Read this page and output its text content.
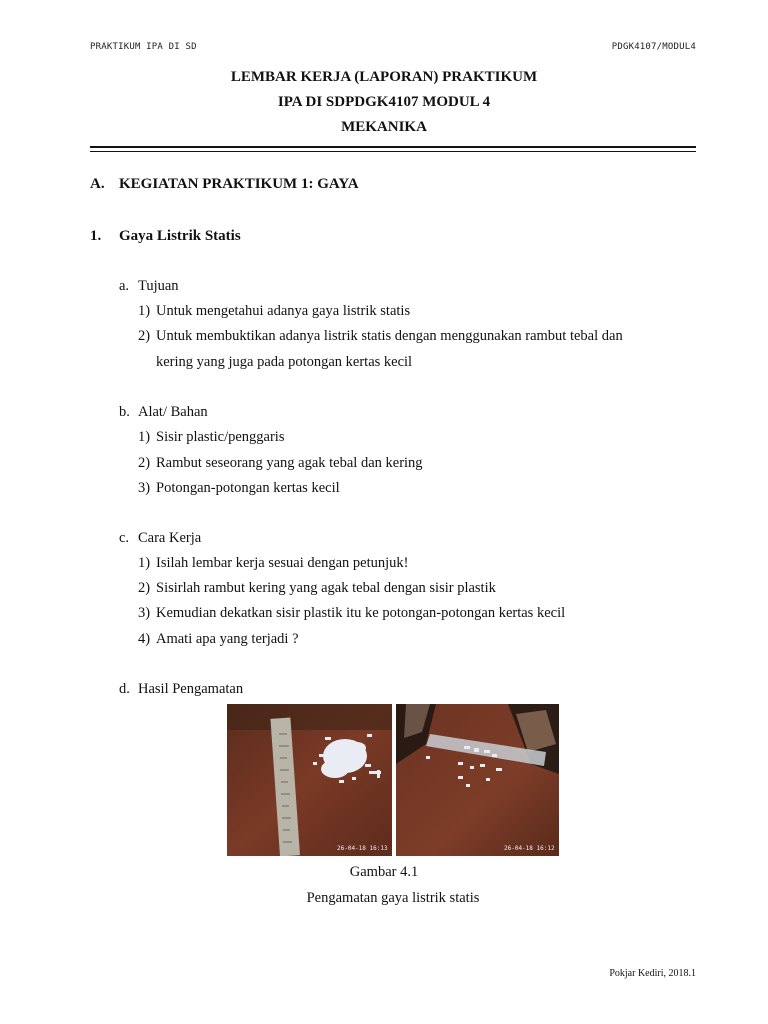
PRAKTIKUM IPA DI SD	PDGK4107/MODUL4
LEMBAR KERJA (LAPORAN) PRAKTIKUM
IPA DI SDPDGK4107 MODUL 4
MEKANIKA
A. KEGIATAN PRAKTIKUM 1: GAYA
1. Gaya Listrik Statis
a. Tujuan
1) Untuk mengetahui adanya gaya listrik statis
2) Untuk membuktikan adanya listrik statis dengan menggunakan rambut tebal dan
kering yang juga pada potongan kertas kecil
b. Alat/ Bahan
1) Sisir plastic/penggaris
2) Rambut seseorang yang agak tebal dan kering
3) Potongan-potongan kertas kecil
c. Cara Kerja
1) Isilah lembar kerja sesuai dengan petunjuk!
2) Sisirlah rambut kering yang agak tebal dengan sisir plastik
3) Kemudian dekatkan sisir plastik itu ke potongan-potongan kertas kecil
4) Amati apa yang terjadi ?
d. Hasil Pengamatan
26-04-18 16:13	26-04-18 16:12
Gambar 4.1
Pengamatan gaya listrik statis
Pokjar Kediri, 2018.1
